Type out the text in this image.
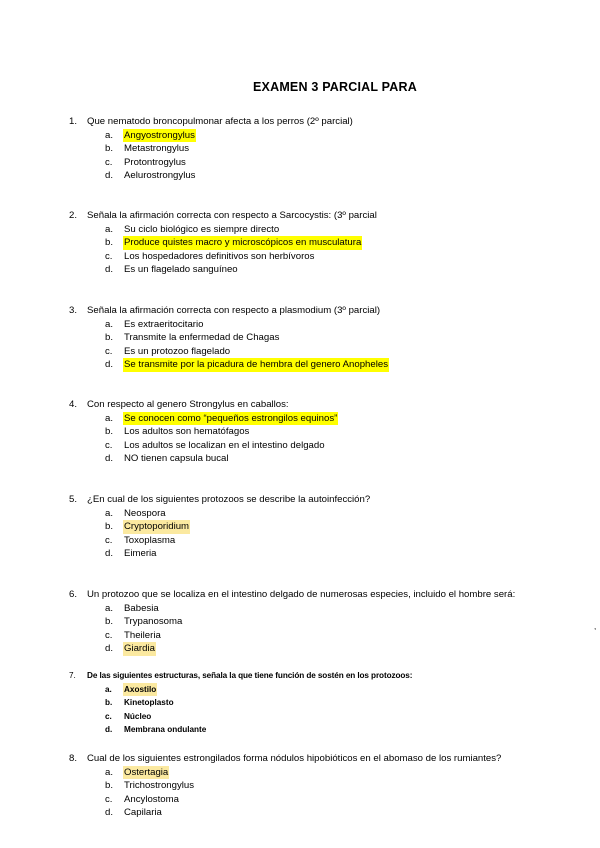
EXAMEN 3 PARCIAL PARA
1.	Que nematodo broncopulmonar afecta a los perros (2º parcial)
a.	Angyostrongylus
b.	Metastrongylus
c.	Protontrogylus
d.	Aelurostrongylus
2.	Señala la afirmación correcta con respecto a Sarcocystis: (3º parcial
a.	Su ciclo biológico es siempre directo
b.	Produce quistes macro y microscópicos en musculatura
c.	Los hospedadores definitivos son herbívoros
d.	Es un flagelado sanguíneo
3.	Señala la afirmación correcta con respecto a plasmodium (3º parcial)
a.	Es extraeritocitario
b.	Transmite la enfermedad de Chagas
c.	Es un protozoo flagelado
d.	Se transmite por la picadura de hembra del genero Anopheles
4.	Con respecto al genero Strongylus en caballos:
a.	Se conocen como “pequeños estrongilos equinos”
b.	Los adultos son hematófagos
c.	Los adultos se localizan en el intestino delgado
d.	NO tienen capsula bucal
5.	¿En cual de los siguientes protozoos se describe la autoinfección?
a.	Neospora
b.	Cryptoporidium
c.	Toxoplasma
d.	Eimeria
6.	Un protozoo que se localiza en el intestino delgado de numerosas especies, incluido el hombre será:
a.	Babesia
b.	Trypanosoma
c.	Theileria
d.	Giardia
7.	De las siguientes estructuras, señala la que tiene función de sostén en los protozoos:
a.	Axostilo
b.	Kinetoplasto
c.	Núcleo
d.	Membrana ondulante
8.	Cual de los siguientes estrongilados forma nódulos hipobióticos en el abomaso de los rumiantes?
a.	Ostertagia
b.	Trichostrongylus
c.	Ancylostoma
d.	Capilaria
,
